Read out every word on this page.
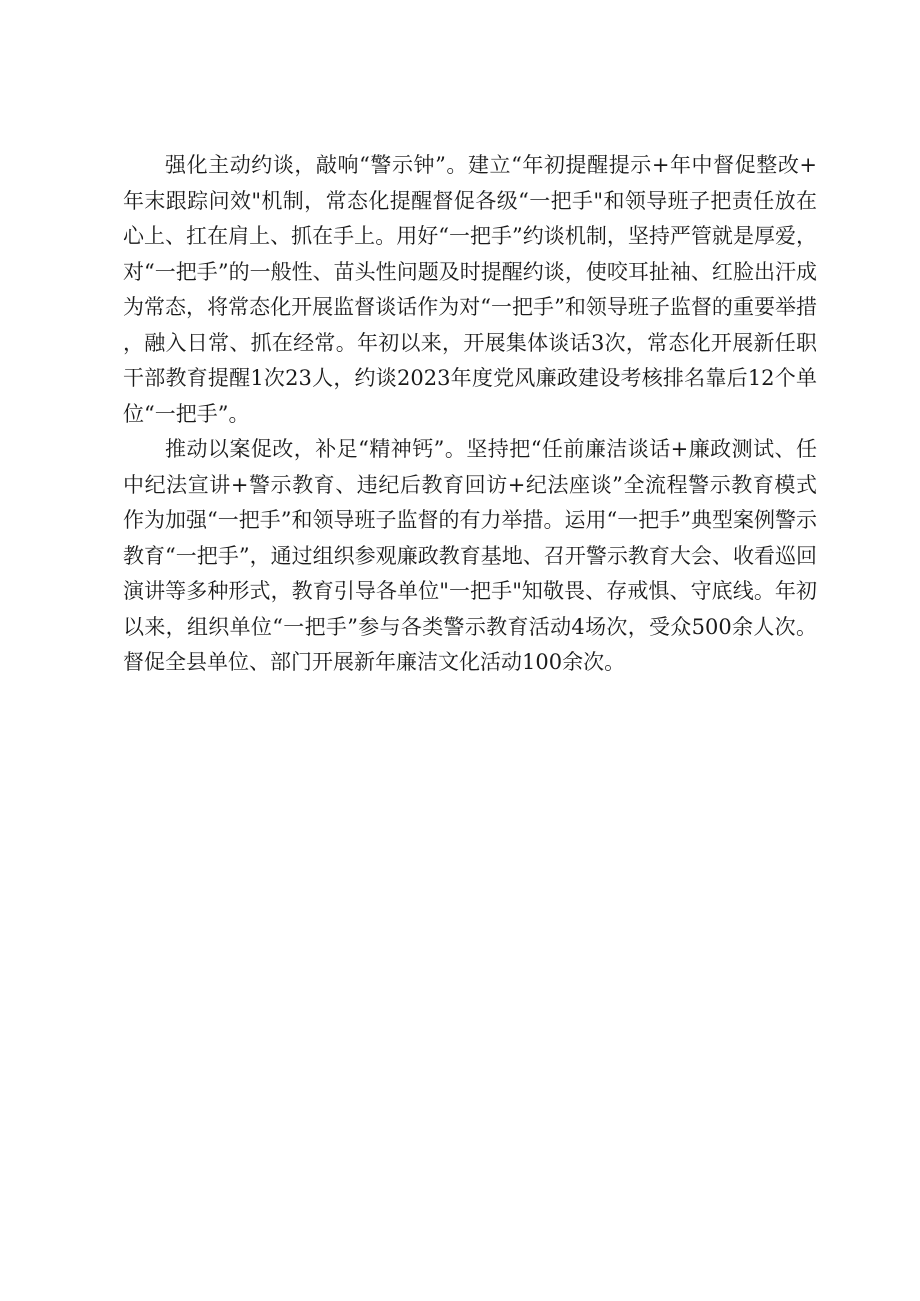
强化主动约谈，敲响“警示钟”。建立“年初提醒提示+年中督促整改+年末跟踪问效"机制，常态化提醒督促各级“一把手"和领导班子把责任放在心上、扛在肩上、抓在手上。用好“一把手”约谈机制，坚持严管就是厚爱，对“一把手”的一般性、苗头性问题及时提醒约谈，使咬耳扯袖、红脸出汗成为常态，将常态化开展监督谈话作为对“一把手”和领导班子监督的重要举措，融入日常、抓在经常。年初以来，开展集体谈话3次，常态化开展新任职干部教育提醒1次23人，约谈2023年度党风廉政建设考核排名靠后12个单位“一把手”。

推动以案促改，补足“精神钙”。坚持把“任前廉洁谈话+廉政测试、任中纪法宣讲+警示教育、违纪后教育回访+纪法座谈”全流程警示教育模式作为加强“一把手”和领导班子监督的有力举措。运用“一把手”典型案例警示教育“一把手”，通过组织参观廉政教育基地、召开警示教育大会、收看巡回演讲等多种形式，教育引导各单位"一把手"知敬畏、存戒惧、守底线。年初以来，组织单位“一把手”参与各类警示教育活动4场次，受众500余人次。督促全县单位、部门开展新年廉洁文化活动100余次。
